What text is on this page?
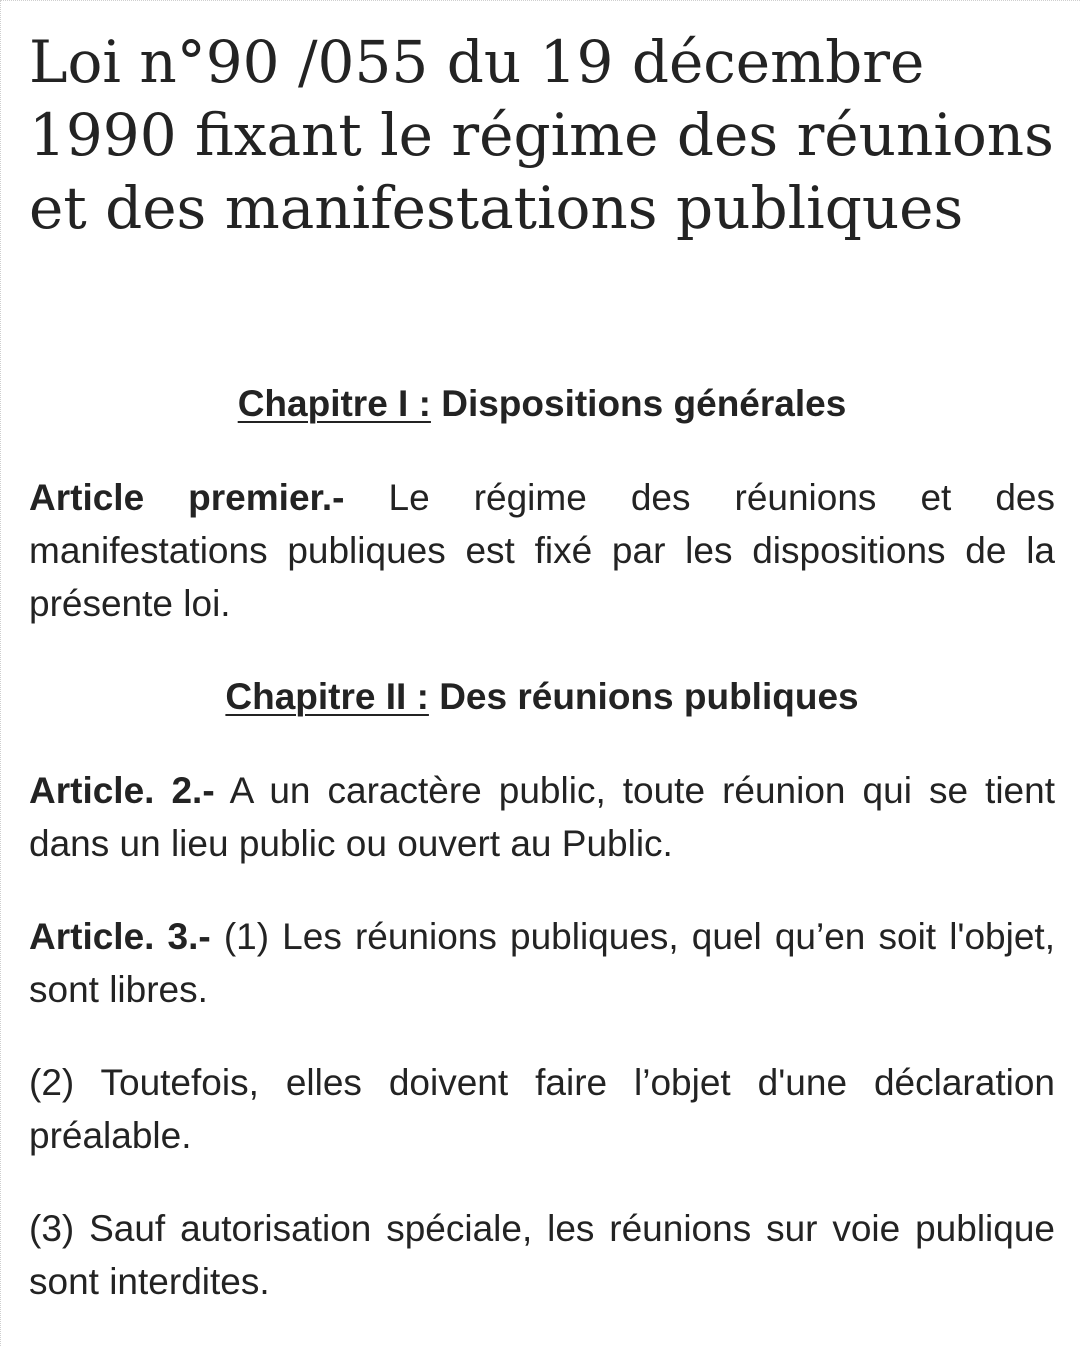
Loi n°90 /055 du 19 décembre 1990 fixant le régime des réunions et des manifestations publiques

Chapitre I : Dispositions générales

Article premier.- Le régime des réunions et des manifestations publiques est fixé par les dispositions de la présente loi.

Chapitre II : Des réunions publiques

Article. 2.- A un caractère public, toute réunion qui se tient dans un lieu public ou ouvert au Public.

Article. 3.- (1) Les réunions publiques, quel qu’en soit l'objet, sont libres.

(2) Toutefois, elles doivent faire l’objet d'une déclaration préalable.

(3) Sauf autorisation spéciale, les réunions sur voie publique sont interdites.
